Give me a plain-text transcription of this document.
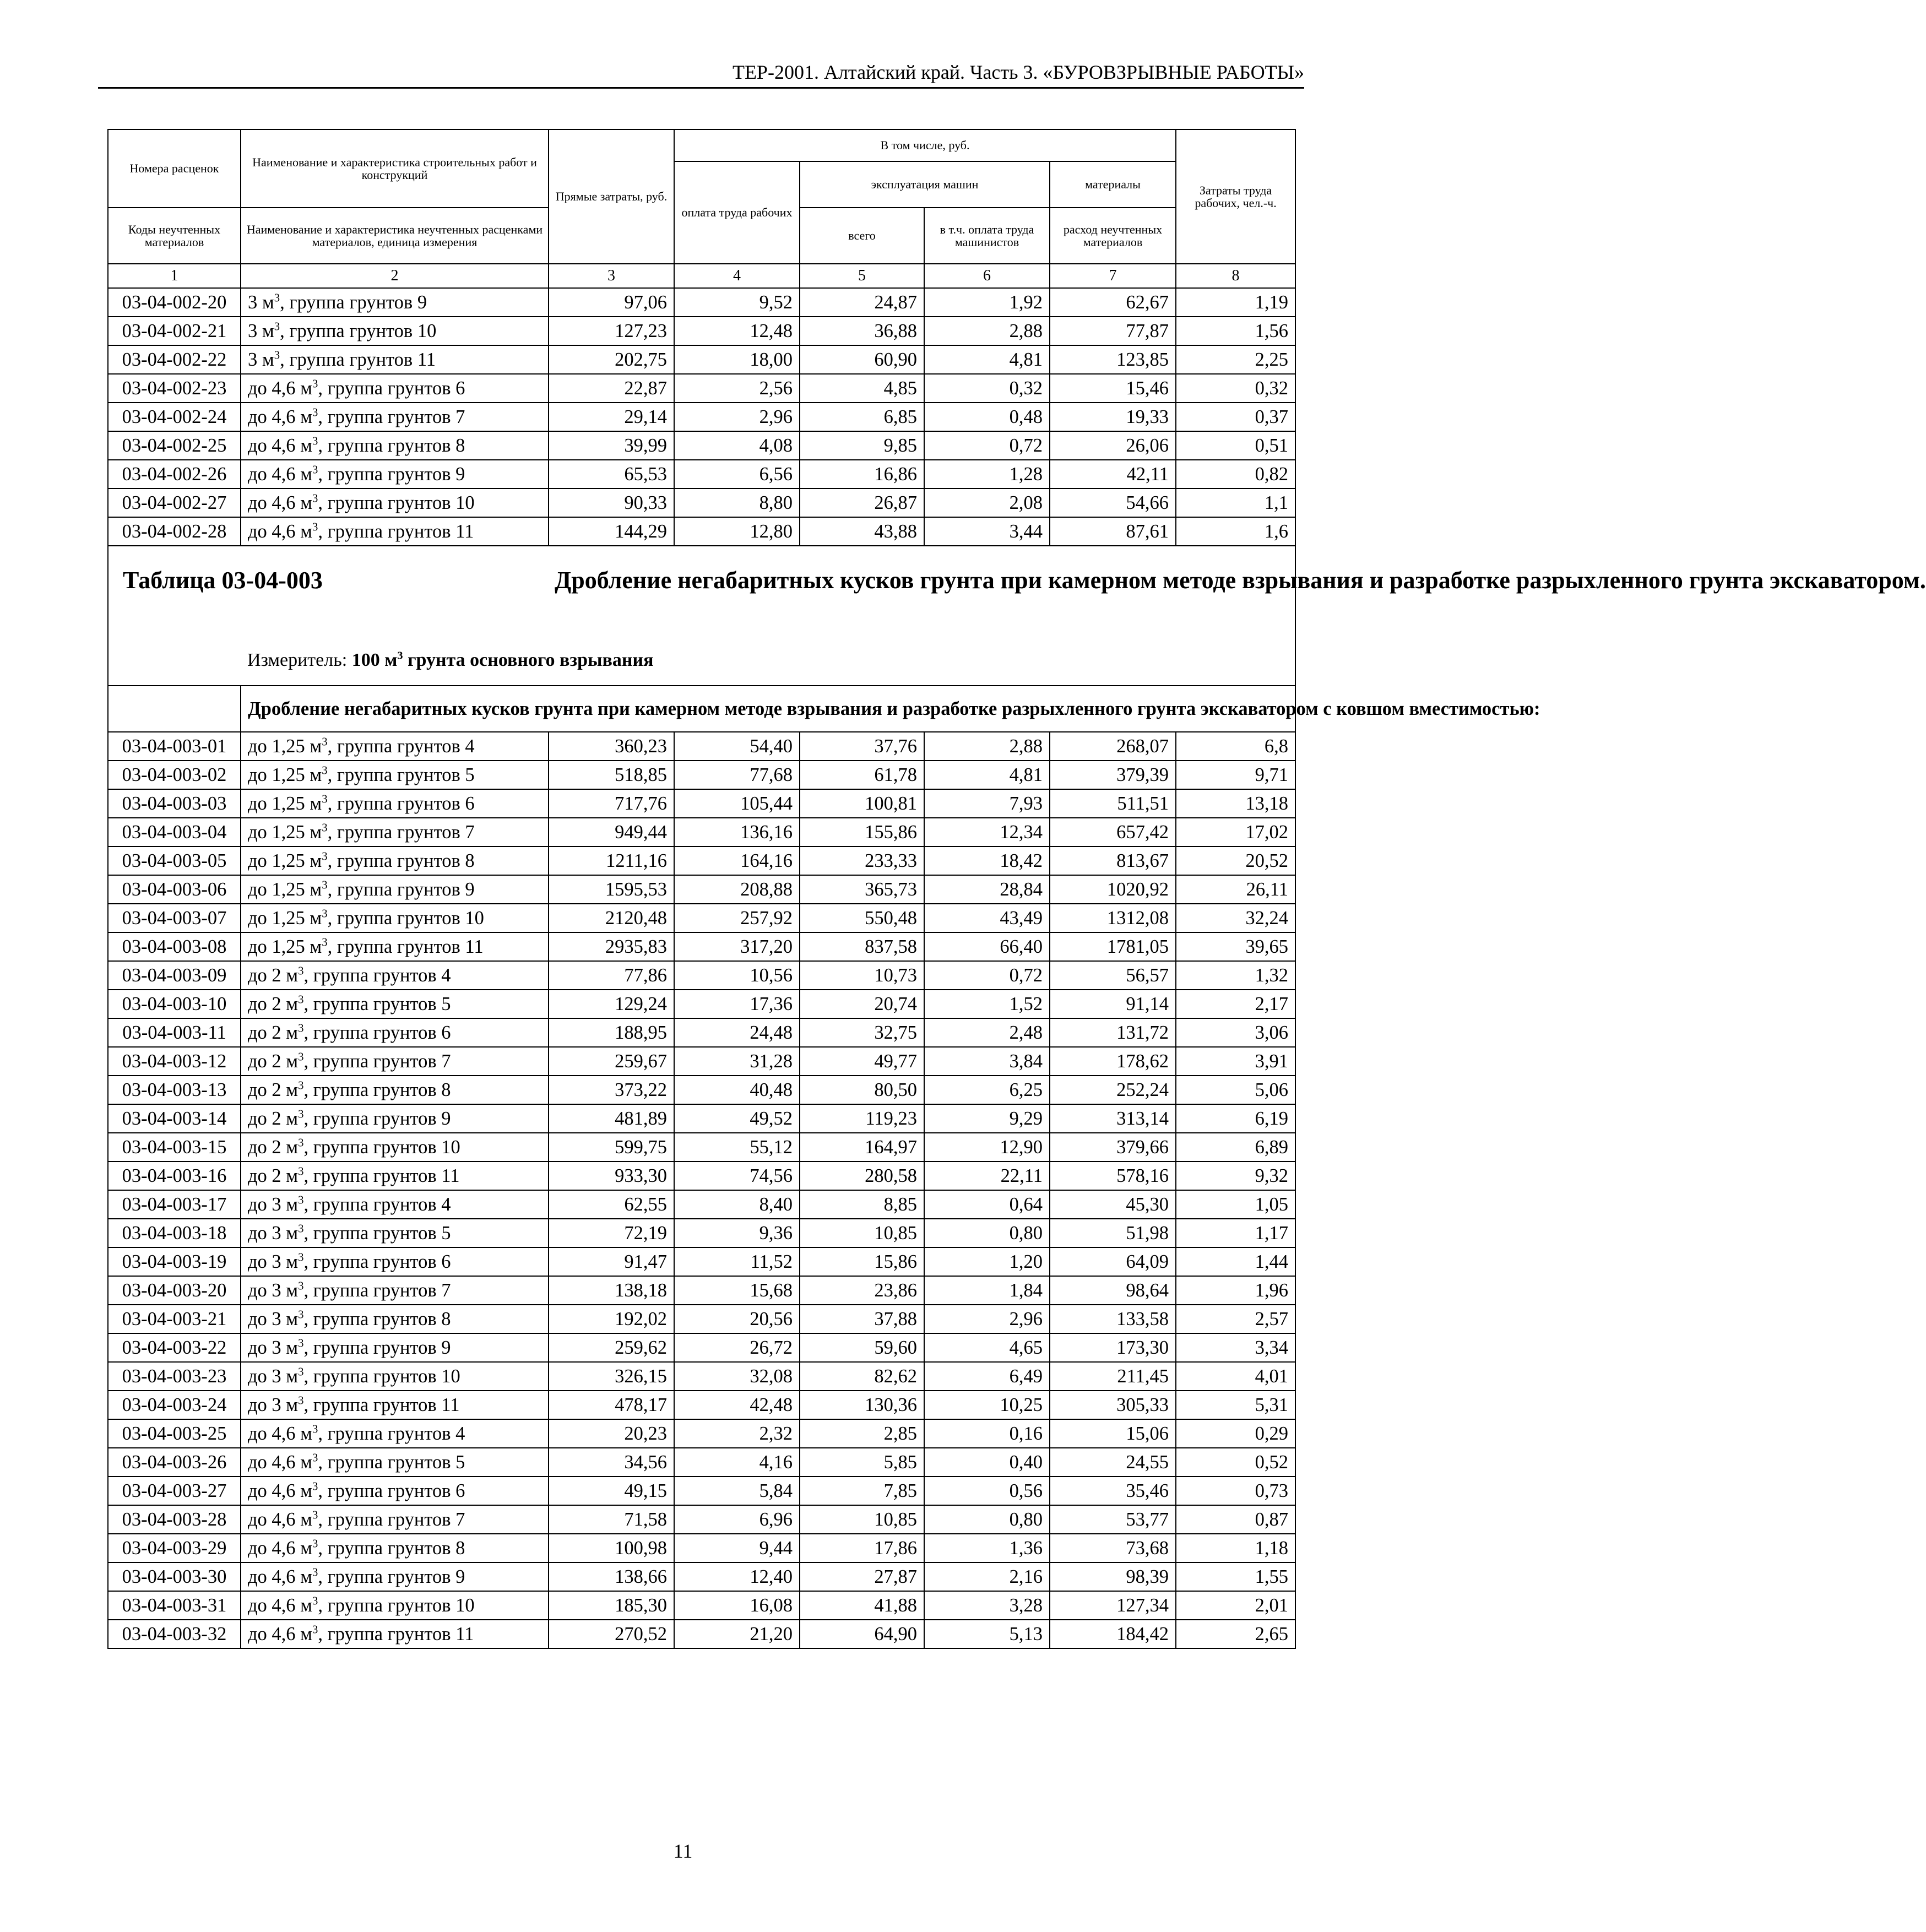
ТЕР-2001. Алтайский край. Часть 3. «БУРОВЗРЫВНЫЕ РАБОТЫ»
Номера расценок	Наименование и характеристика строительных работ и конструкций	Прямые затраты, руб.	В том числе, руб.				Затраты труда рабочих, чел.-ч.
			оплата труда рабочих	эксплуатация машин		материалы	
Коды неучтенных материалов	Наименование и характеристика неучтенных расценками материалов, единица измерения			всего	в т.ч. оплата труда машинистов	расход неучтенных материалов	
1	2	3	4	5	6	7	8
03-04-002-20	3 $м^3$, группа грунтов 9	97,06	9,52	24,87	1,92	62,67	1,19
03-04-002-21	3 $м^3$, группа грунтов 10	127,23	12,48	36,88	2,88	77,87	1,56
03-04-002-22	3 $м^3$, группа грунтов 11	202,75	18,00	60,90	4,81	123,85	2,25
03-04-002-23	до 4,6 $м^3$, группа грунтов 6	22,87	2,56	4,85	0,32	15,46	0,32
03-04-002-24	до 4,6 $м^3$, группа грунтов 7	29,14	2,96	6,85	0,48	19,33	0,37
03-04-002-25	до 4,6 $м^3$, группа грунтов 8	39,99	4,08	9,85	0,72	26,06	0,51
03-04-002-26	до 4,6 $м^3$, группа грунтов 9	65,53	6,56	16,86	1,28	42,11	0,82
03-04-002-27	до 4,6 $м^3$, группа грунтов 10	90,33	8,80	26,87	2,08	54,66	1,1
03-04-002-28	до 4,6 $м^3$, группа грунтов 11	144,29	12,80	43,88	3,44	87,61	1,6

Таблица 03-04-003 Дробление негабаритных кусков грунта при камерном методе взрывания и разработке разрыхленного грунта экскаватором.
Измеритель: 100 $м^3$ грунта основного взрывания							

	Дробление негабаритных кусков грунта при камерном методе взрывания и разработке разрыхленного грунта экскаватором с ковшом вместимостью:						
03-04-003-01	до 1,25 $м^3$, группа грунтов 4	360,23	54,40	37,76	2,88	268,07	6,8
03-04-003-02	до 1,25 $м^3$, группа грунтов 5	518,85	77,68	61,78	4,81	379,39	9,71
03-04-003-03	до 1,25 $м^3$, группа грунтов 6	717,76	105,44	100,81	7,93	511,51	13,18
03-04-003-04	до 1,25 $м^3$, группа грунтов 7	949,44	136,16	155,86	12,34	657,42	17,02
03-04-003-05	до 1,25 $м^3$, группа грунтов 8	1211,16	164,16	233,33	18,42	813,67	20,52
03-04-003-06	до 1,25 $м^3$, группа грунтов 9	1595,53	208,88	365,73	28,84	1020,92	26,11
03-04-003-07	до 1,25 $м^3$, группа грунтов 10	2120,48	257,92	550,48	43,49	1312,08	32,24
03-04-003-08	до 1,25 $м^3$, группа грунтов 11	2935,83	317,20	837,58	66,40	1781,05	39,65
03-04-003-09	до 2 $м^3$, группа грунтов 4	77,86	10,56	10,73	0,72	56,57	1,32
03-04-003-10	до 2 $м^3$, группа грунтов 5	129,24	17,36	20,74	1,52	91,14	2,17
03-04-003-11	до 2 $м^3$, группа грунтов 6	188,95	24,48	32,75	2,48	131,72	3,06
03-04-003-12	до 2 $м^3$, группа грунтов 7	259,67	31,28	49,77	3,84	178,62	3,91
03-04-003-13	до 2 $м^3$, группа грунтов 8	373,22	40,48	80,50	6,25	252,24	5,06
03-04-003-14	до 2 $м^3$, группа грунтов 9	481,89	49,52	119,23	9,29	313,14	6,19
03-04-003-15	до 2 $м^3$, группа грунтов 10	599,75	55,12	164,97	12,90	379,66	6,89
03-04-003-16	до 2 $м^3$, группа грунтов 11	933,30	74,56	280,58	22,11	578,16	9,32
03-04-003-17	до 3 $м^3$, группа грунтов 4	62,55	8,40	8,85	0,64	45,30	1,05
03-04-003-18	до 3 $м^3$, группа грунтов 5	72,19	9,36	10,85	0,80	51,98	1,17
03-04-003-19	до 3 $м^3$, группа грунтов 6	91,47	11,52	15,86	1,20	64,09	1,44
03-04-003-20	до 3 $м^3$, группа грунтов 7	138,18	15,68	23,86	1,84	98,64	1,96
03-04-003-21	до 3 $м^3$, группа грунтов 8	192,02	20,56	37,88	2,96	133,58	2,57
03-04-003-22	до 3 $м^3$, группа грунтов 9	259,62	26,72	59,60	4,65	173,30	3,34
03-04-003-23	до 3 $м^3$, группа грунтов 10	326,15	32,08	82,62	6,49	211,45	4,01
03-04-003-24	до 3 $м^3$, группа грунтов 11	478,17	42,48	130,36	10,25	305,33	5,31
03-04-003-25	до 4,6 $м^3$, группа грунтов 4	20,23	2,32	2,85	0,16	15,06	0,29
03-04-003-26	до 4,6 $м^3$, группа грунтов 5	34,56	4,16	5,85	0,40	24,55	0,52
03-04-003-27	до 4,6 $м^3$, группа грунтов 6	49,15	5,84	7,85	0,56	35,46	0,73
03-04-003-28	до 4,6 $м^3$, группа грунтов 7	71,58	6,96	10,85	0,80	53,77	0,87
03-04-003-29	до 4,6 $м^3$, группа грунтов 8	100,98	9,44	17,86	1,36	73,68	1,18
03-04-003-30	до 4,6 $м^3$, группа грунтов 9	138,66	12,40	27,87	2,16	98,39	1,55
03-04-003-31	до 4,6 $м^3$, группа грунтов 10	185,30	16,08	41,88	3,28	127,34	2,01
03-04-003-32	до 4,6 $м^3$, группа грунтов 11	270,52	21,20	64,90	5,13	184,42	2,65
11
